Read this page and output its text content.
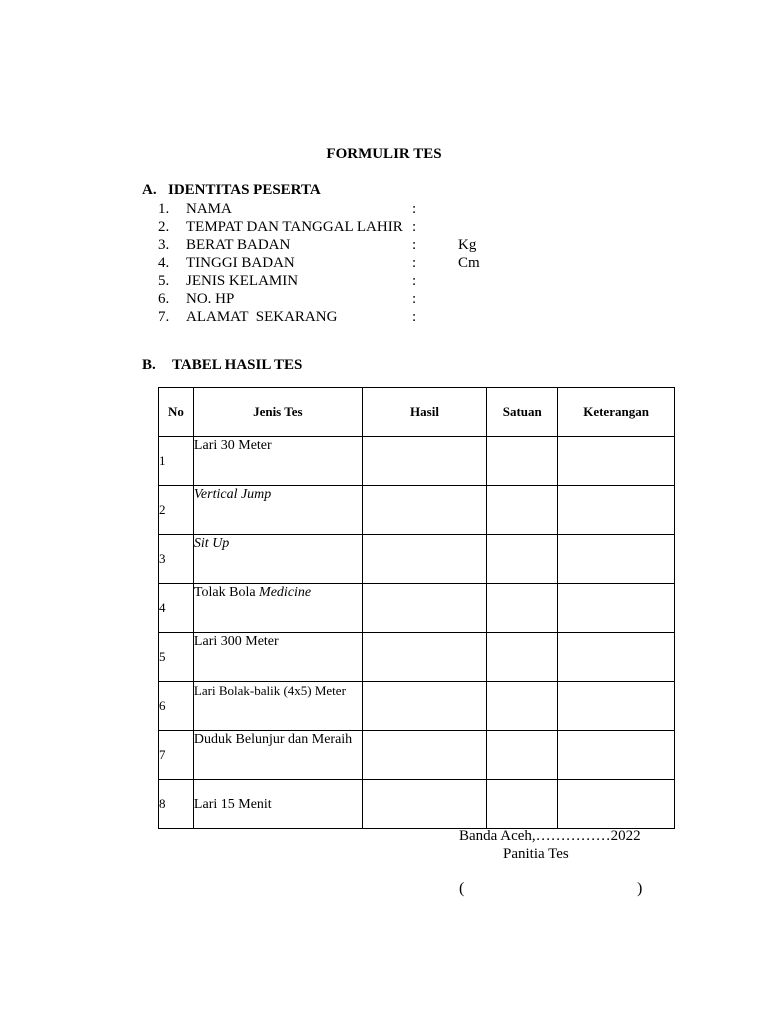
FORMULIR TES
A. IDENTITAS PESERTA
1.	NAMA	:
2.	TEMPAT DAN TANGGAL LAHIR :
3.	BERAT BADAN	:	Kg
4.	TINGGI BADAN	:	Cm
5.	JENIS KELAMIN	:
6.	NO. HP	:
7.	ALAMAT  SEKARANG	:
B. TABEL HASIL TES
No	Jenis Tes	Hasil	Satuan	Keterangan
1	Lari 30 Meter			
2	Vertical Jump			
3	Sit Up			
4	Tolak Bola Medicine			
5	Lari 300 Meter			
6	Lari Bolak-balik (4x5) Meter			
7	Duduk Belunjur dan Meraih			
8	Lari 15 Menit			
Banda Aceh,……………2022
Panitia Tes
(	)
